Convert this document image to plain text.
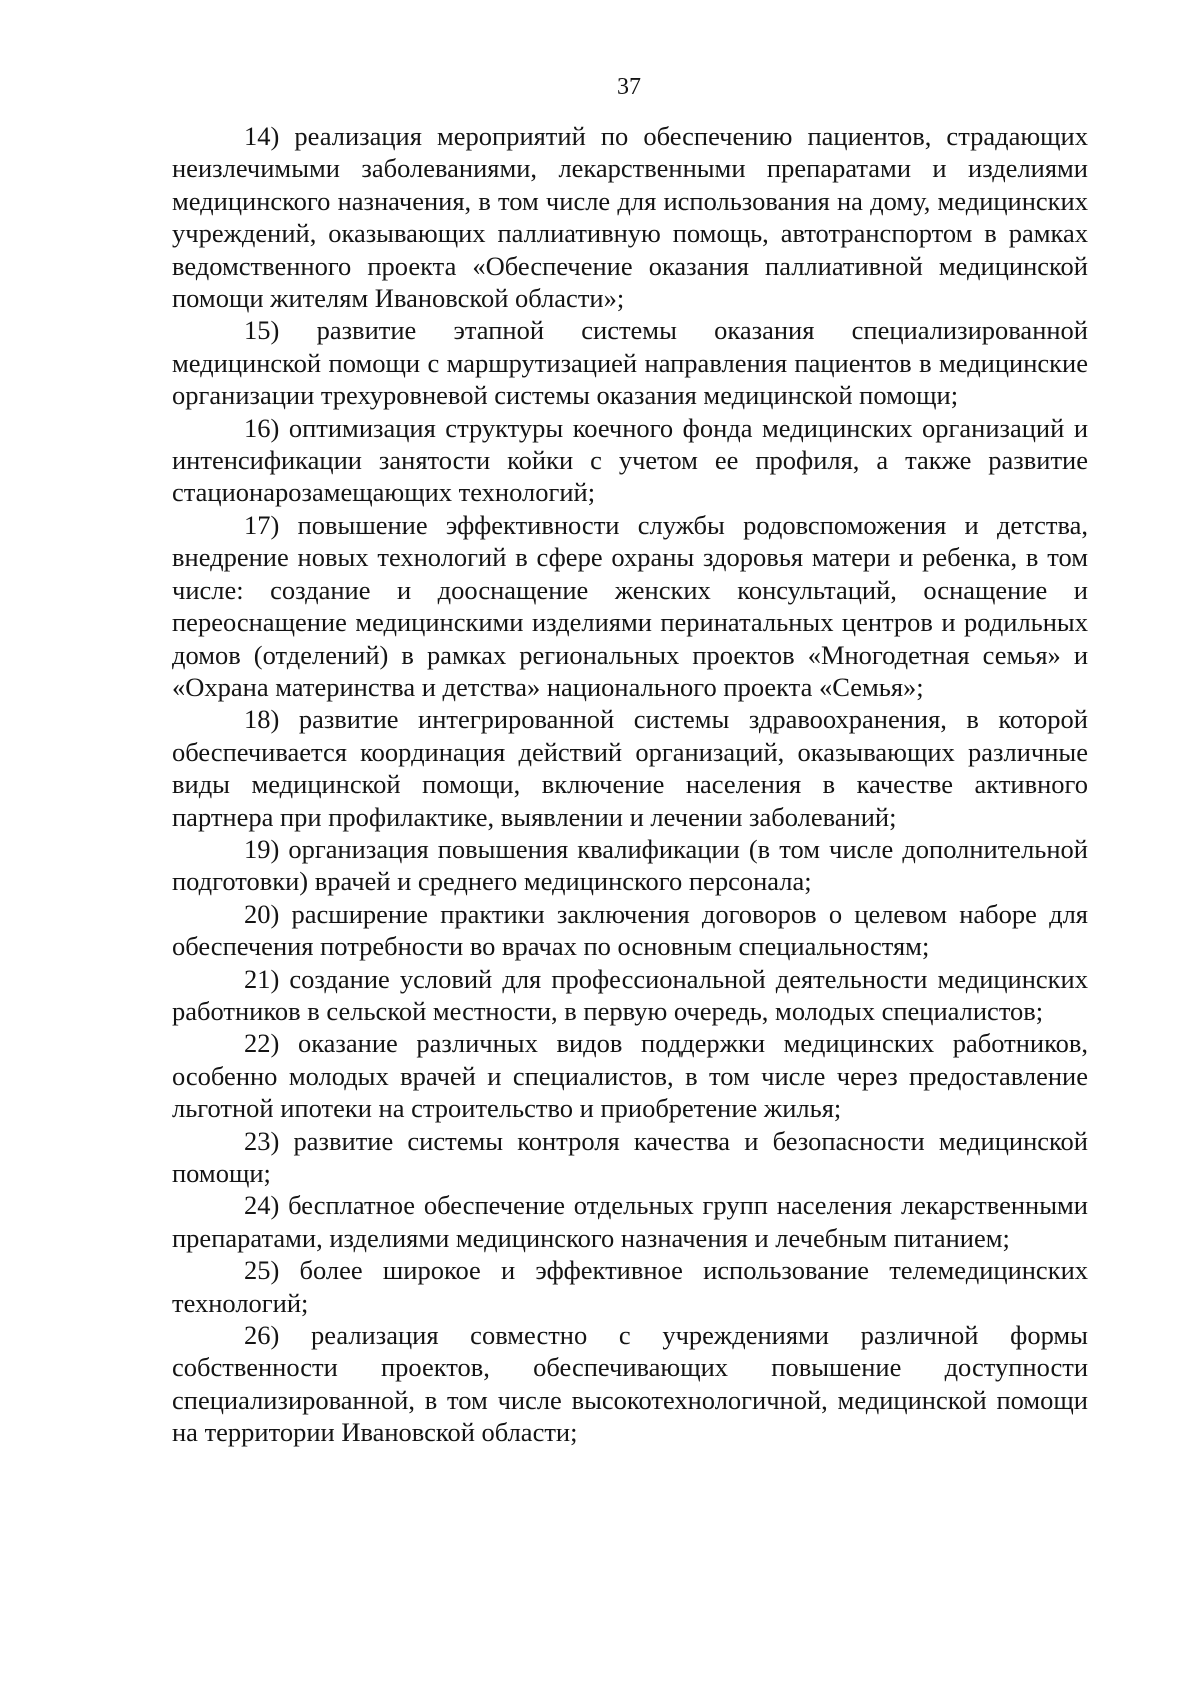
37

14) реализация мероприятий по обеспечению пациентов, страдающих неизлечимыми заболеваниями, лекарственными препаратами и изделиями медицинского назначения, в том числе для использования на дому, медицинских учреждений, оказывающих паллиативную помощь, автотранспортом в рамках ведомственного проекта «Обеспечение оказания паллиативной медицинской помощи жителям Ивановской области»;

15) развитие этапной системы оказания специализированной медицинской помощи с маршрутизацией направления пациентов в медицинские организации трехуровневой системы оказания медицинской помощи;

16) оптимизация структуры коечного фонда медицинских организаций и интенсификации занятости койки с учетом ее профиля, а также развитие стационарозамещающих технологий;

17) повышение эффективности службы родовспоможения и детства, внедрение новых технологий в сфере охраны здоровья матери и ребенка, в том числе: создание и дооснащение женских консультаций, оснащение и переоснащение медицинскими изделиями перинатальных центров и родильных домов (отделений) в рамках региональных проектов «Многодетная семья» и «Охрана материнства и детства» национального проекта «Семья»;

18) развитие интегрированной системы здравоохранения, в которой обеспечивается координация действий организаций, оказывающих различные виды медицинской помощи, включение населения в качестве активного партнера при профилактике, выявлении и лечении заболеваний;

19) организация повышения квалификации (в том числе дополнительной подготовки) врачей и среднего медицинского персонала;

20) расширение практики заключения договоров о целевом наборе для обеспечения потребности во врачах по основным специальностям;

21) создание условий для профессиональной деятельности медицинских работников в сельской местности, в первую очередь, молодых специалистов;

22) оказание различных видов поддержки медицинских работников, особенно молодых врачей и специалистов, в том числе через предоставление льготной ипотеки на строительство и приобретение жилья;

23) развитие системы контроля качества и безопасности медицинской помощи;

24) бесплатное обеспечение отдельных групп населения лекарственными препаратами, изделиями медицинского назначения и лечебным питанием;

25) более широкое и эффективное использование телемедицинских технологий;

26) реализация совместно с учреждениями различной формы собственности проектов, обеспечивающих повышение доступности специализированной, в том числе высокотехнологичной, медицинской помощи на территории Ивановской области;
